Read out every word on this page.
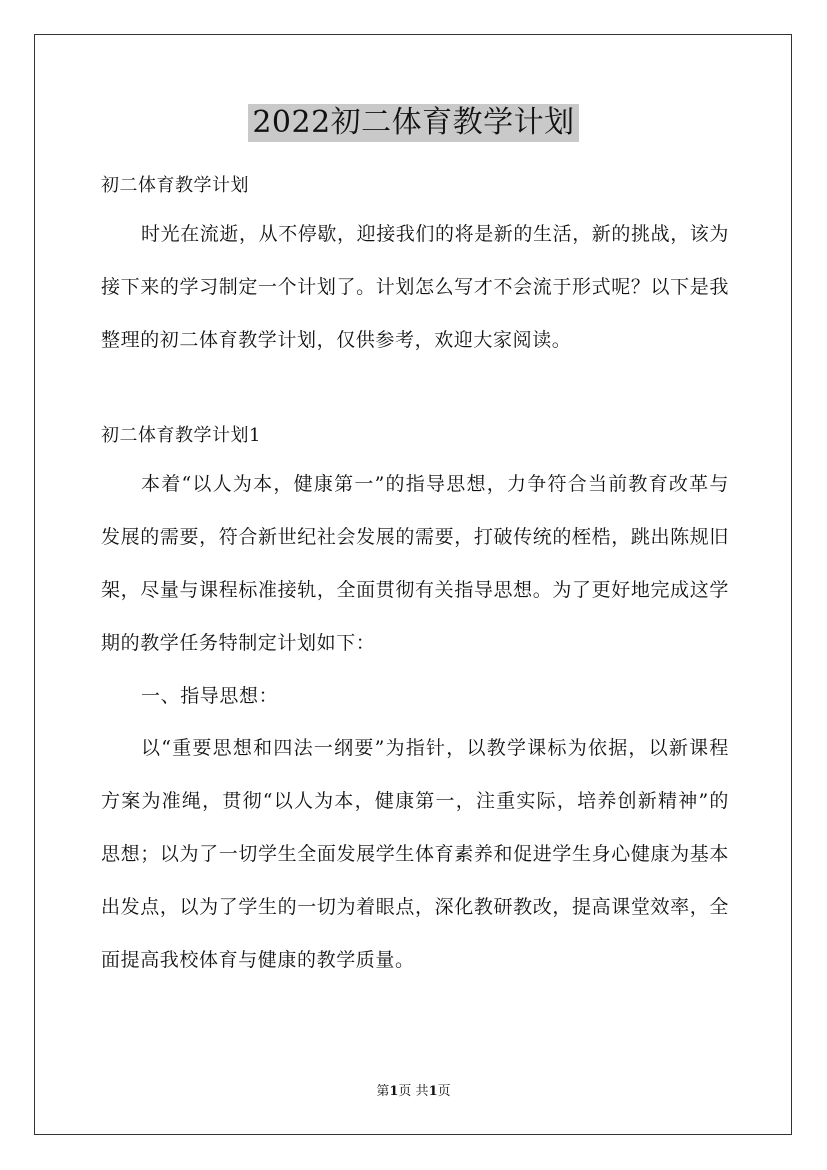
2022初二体育教学计划

初二体育教学计划

时光在流逝，从不停歇，迎接我们的将是新的生活，新的挑战，该为接下来的学习制定一个计划了。计划怎么写才不会流于形式呢？以下是我整理的初二体育教学计划，仅供参考，欢迎大家阅读。

初二体育教学计划1

本着“以人为本，健康第一”的指导思想，力争符合当前教育改革与发展的需要，符合新世纪社会发展的需要，打破传统的桎梏，跳出陈规旧架，尽量与课程标准接轨，全面贯彻有关指导思想。为了更好地完成这学期的教学任务特制定计划如下：

一、指导思想：

以“重要思想和四法一纲要”为指针，以教学课标为依据，以新课程方案为准绳，贯彻“以人为本，健康第一，注重实际，培养创新精神”的思想；以为了一切学生全面发展学生体育素养和促进学生身心健康为基本出发点，以为了学生的一切为着眼点，深化教研教改，提高课堂效率，全面提高我校体育与健康的教学质量。

第1页 共1页
